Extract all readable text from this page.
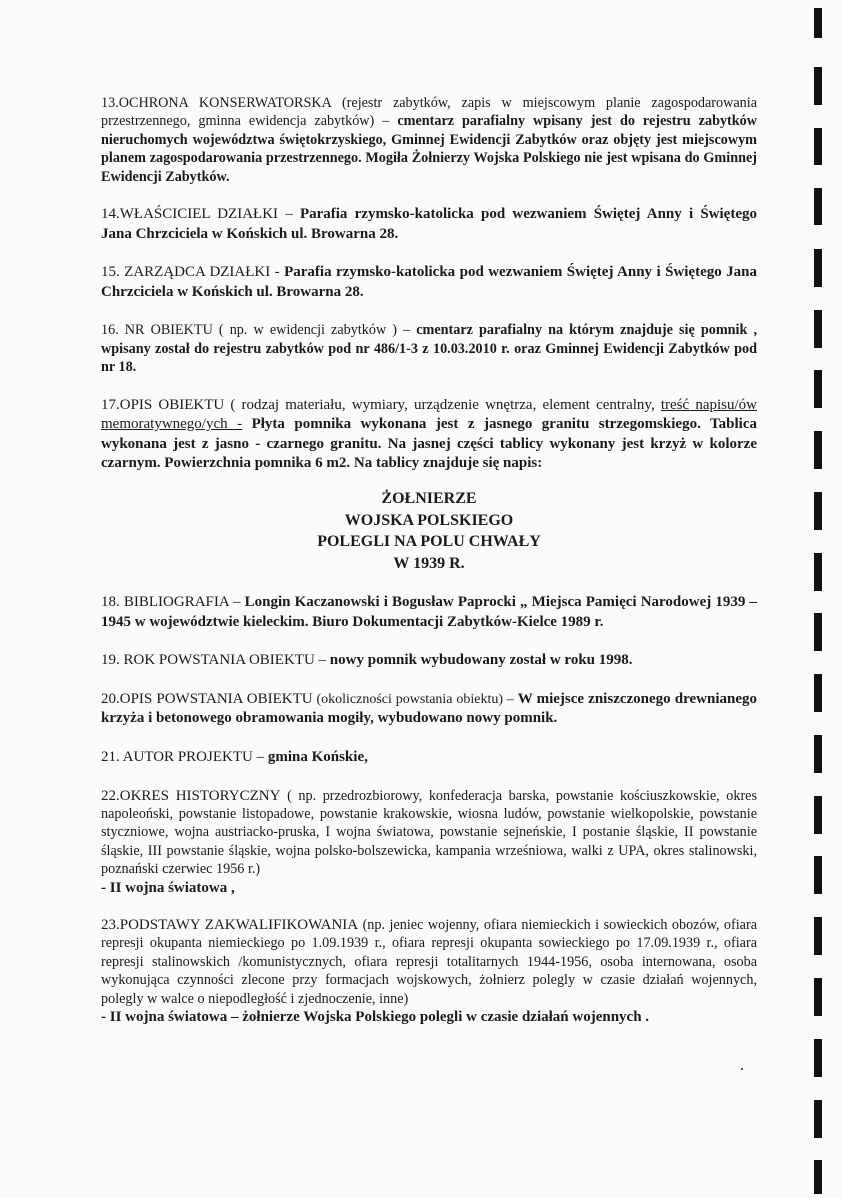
13.OCHRONA KONSERWATORSKA (rejestr zabytków, zapis w miejscowym planie zagospodarowania przestrzennego, gminna ewidencja zabytków) – cmentarz parafialny wpisany jest do rejestru zabytków nieruchomych województwa świętokrzyskiego, Gminnej Ewidencji Zabytków oraz objęty jest miejscowym planem zagospodarowania przestrzennego. Mogiła Żołnierzy Wojska Polskiego nie jest wpisana do Gminnej Ewidencji Zabytków.

14.WŁAŚCICIEL DZIAŁKI – Parafia rzymsko-katolicka pod wezwaniem Świętej Anny i Świętego Jana Chrzciciela w Końskich ul. Browarna 28.

15. ZARZĄDCA DZIAŁKI - Parafia rzymsko-katolicka pod wezwaniem Świętej Anny i Świętego Jana Chrzciciela w Końskich ul. Browarna 28.

16. NR OBIEKTU ( np. w ewidencji zabytków ) – cmentarz parafialny na którym znajduje się pomnik , wpisany został do rejestru zabytków pod nr 486/1-3 z 10.03.2010 r. oraz Gminnej Ewidencji Zabytków pod nr 18.

17.OPIS OBIEKTU ( rodzaj materiału, wymiary, urządzenie wnętrza, element centralny, treść napisu/ów memoratywnego/ych - Płyta pomnika wykonana jest z jasnego granitu strzegomskiego. Tablica wykonana jest z jasno - czarnego granitu. Na jasnej części tablicy wykonany jest krzyż w kolorze czarnym. Powierzchnia pomnika 6 m2. Na tablicy znajduje się napis:

ŻOŁNIERZE
WOJSKA POLSKIEGO
POLEGLI NA POLU CHWAŁY
W 1939 R.

18. BIBLIOGRAFIA – Longin Kaczanowski i Bogusław Paprocki „ Miejsca Pamięci Narodowej 1939 – 1945 w województwie kieleckim. Biuro Dokumentacji Zabytków-Kielce 1989 r.

19. ROK POWSTANIA OBIEKTU – nowy pomnik wybudowany został w roku 1998.

20.OPIS POWSTANIA OBIEKTU (okoliczności powstania obiektu) – W miejsce zniszczonego drewnianego krzyża i betonowego obramowania mogiły, wybudowano nowy pomnik.

21. AUTOR PROJEKTU – gmina Końskie,

22.OKRES HISTORYCZNY ( np. przedrozbiorowy, konfederacja barska, powstanie kościuszkowskie, okres napoleoński, powstanie listopadowe, powstanie krakowskie, wiosna ludów, powstanie wielkopolskie, powstanie styczniowe, wojna austriacko-pruska, I wojna światowa, powstanie sejneńskie, I postanie śląskie, II powstanie śląskie, III powstanie śląskie, wojna polsko-bolszewicka, kampania wrześniowa, walki z UPA, okres stalinowski, poznański czerwiec 1956 r.)
- II wojna światowa ,

23.PODSTAWY ZAKWALIFIKOWANIA (np. jeniec wojenny, ofiara niemieckich i sowieckich obozów, ofiara represji okupanta niemieckiego po 1.09.1939 r., ofiara represji okupanta sowieckiego po 17.09.1939 r., ofiara represji stalinowskich /komunistycznych, ofiara represji totalitarnych 1944-1956, osoba internowana, osoba wykonująca czynności zlecone przy formacjach wojskowych, żołnierz polegly w czasie działań wojennych, polegly w walce o niepodległość i zjednoczenie, inne)
- II wojna światowa – żołnierze Wojska Polskiego polegli w czasie działań wojennych .
